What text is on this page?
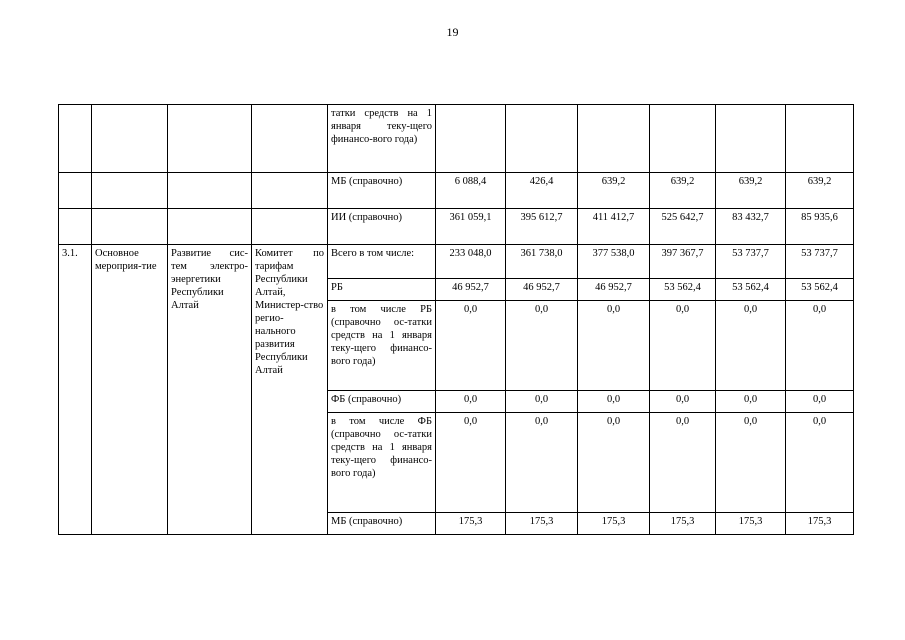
19
				татки средств на 1 января теку-щего финансо-вого года)						
				МБ (справочно)	6 088,4	426,4	639,2	639,2	639,2	639,2
				ИИ (справочно)	361 059,1	395 612,7	411 412,7	525 642,7	83 432,7	85 935,6
3.1.	Основное мероприя-тие	Развитие сис-тем электро-энергетики Республики Алтай	Комитет по тарифам Республики Алтай, Министер-ство регио-нального развития Республики Алтай	Всего в том числе:	233 048,0	361 738,0	377 538,0	397 367,7	53 737,7	53 737,7
				РБ	46 952,7	46 952,7	46 952,7	53 562,4	53 562,4	53 562,4
				в том числе РБ (справочно ос-татки средств на 1 января теку-щего финансо-вого года)	0,0	0,0	0,0	0,0	0,0	0,0
				ФБ (справочно)	0,0	0,0	0,0	0,0	0,0	0,0
				в том числе ФБ (справочно ос-татки средств на 1 января теку-щего финансо-вого года)	0,0	0,0	0,0	0,0	0,0	0,0
				МБ (справочно)	175,3	175,3	175,3	175,3	175,3	175,3
